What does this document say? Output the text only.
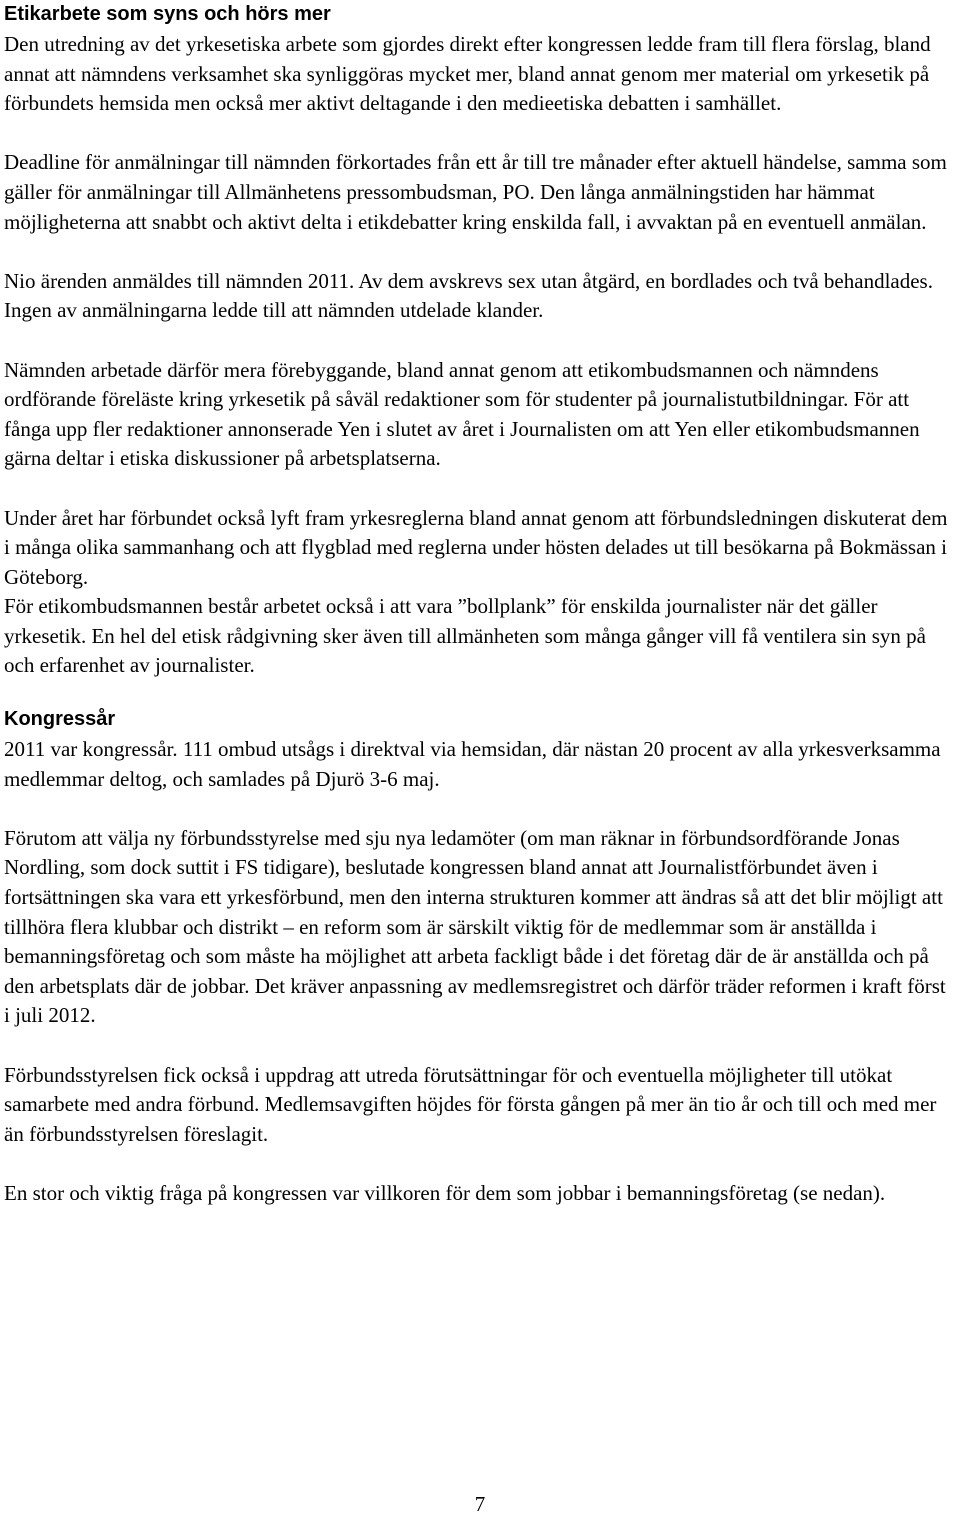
Etikarbete som syns och hörs mer

Den utredning av det yrkesetiska arbete som gjordes direkt efter kongressen ledde fram till flera förslag, bland annat att nämndens verksamhet ska synliggöras mycket mer, bland annat genom mer material om yrkesetik på förbundets hemsida men också mer aktivt deltagande i den medieetiska debatten i samhället.

Deadline för anmälningar till nämnden förkortades från ett år till tre månader efter aktuell händelse, samma som gäller för anmälningar till Allmänhetens pressombudsman, PO. Den långa anmälningstiden har hämmat möjligheterna att snabbt och aktivt delta i etikdebatter kring enskilda fall, i avvaktan på en eventuell anmälan.

Nio ärenden anmäldes till nämnden 2011. Av dem avskrevs sex utan åtgärd, en bordlades och två behandlades. Ingen av anmälningarna ledde till att nämnden utdelade klander.

Nämnden arbetade därför mera förebyggande, bland annat genom att etikombudsmannen och nämndens ordförande föreläste kring yrkesetik på såväl redaktioner som för studenter på journalistutbildningar. För att fånga upp fler redaktioner annonserade Yen i slutet av året i Journalisten om att Yen eller etikombudsmannen gärna deltar i etiska diskussioner på arbetsplatserna.

Under året har förbundet också lyft fram yrkesreglerna bland annat genom att förbundsledningen diskuterat dem i många olika sammanhang och att flygblad med reglerna under hösten delades ut till besökarna på Bokmässan i Göteborg.

För etikombudsmannen består arbetet också i att vara ”bollplank” för enskilda journalister när det gäller yrkesetik. En hel del etisk rådgivning sker även till allmänheten som många gånger vill få ventilera sin syn på och erfarenhet av journalister.

Kongressår

2011 var kongressår. 111 ombud utsågs i direktval via hemsidan, där nästan 20 procent av alla yrkesverksamma medlemmar deltog, och samlades på Djurö 3-6 maj.

Förutom att välja ny förbundsstyrelse med sju nya ledamöter (om man räknar in förbundsordförande Jonas Nordling, som dock suttit i FS tidigare), beslutade kongressen bland annat att Journalistförbundet även i fortsättningen ska vara ett yrkesförbund, men den interna strukturen kommer att ändras så att det blir möjligt att tillhöra flera klubbar och distrikt – en reform som är särskilt viktig för de medlemmar som är anställda i bemanningsföretag och som måste ha möjlighet att arbeta fackligt både i det företag där de är anställda och på den arbetsplats där de jobbar. Det kräver anpassning av medlemsregistret och därför träder reformen i kraft först i juli 2012.

Förbundsstyrelsen fick också i uppdrag att utreda förutsättningar för och eventuella möjligheter till utökat samarbete med andra förbund. Medlemsavgiften höjdes för första gången på mer än tio år och till och med mer än förbundsstyrelsen föreslagit.

En stor och viktig fråga på kongressen var villkoren för dem som jobbar i bemanningsföretag (se nedan).

7
